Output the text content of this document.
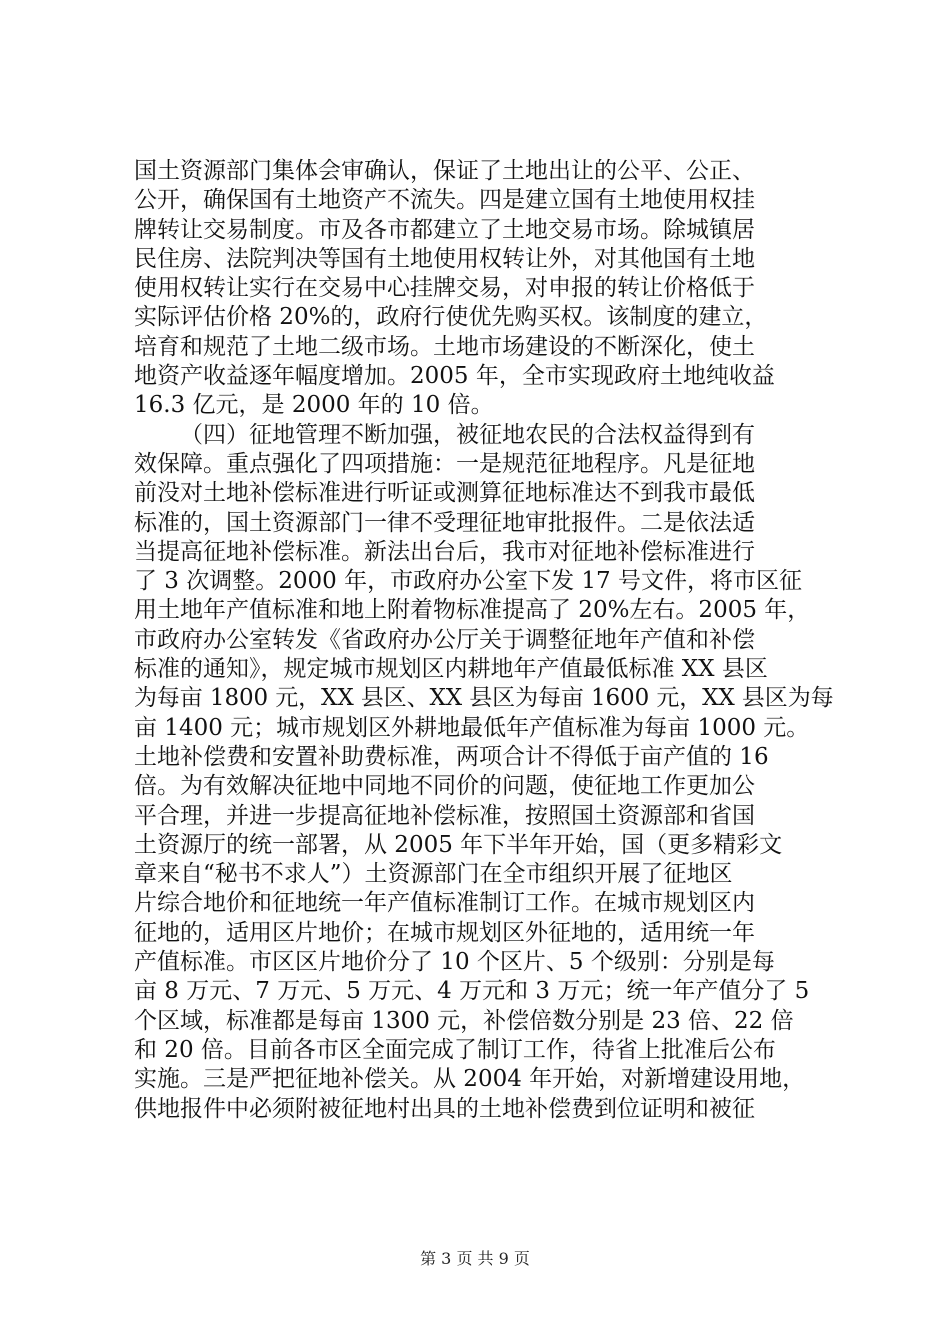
国土资源部门集体会审确认，保证了土地出让的公平、公正、
公开，确保国有土地资产不流失。四是建立国有土地使用权挂
牌转让交易制度。市及各市都建立了土地交易市场。除城镇居
民住房、法院判决等国有土地使用权转让外，对其他国有土地
使用权转让实行在交易中心挂牌交易，对申报的转让价格低于
实际评估价格 20%的，政府行使优先购买权。该制度的建立，
培育和规范了土地二级市场。土地市场建设的不断深化，使土
地资产收益逐年幅度增加。2005 年，全市实现政府土地纯收益
16.3 亿元，是 2000 年的 10 倍。
（四）征地管理不断加强，被征地农民的合法权益得到有
效保障。重点强化了四项措施：一是规范征地程序。凡是征地
前没对土地补偿标准进行听证或测算征地标准达不到我市最低
标准的，国土资源部门一律不受理征地审批报件。二是依法适
当提高征地补偿标准。新法出台后，我市对征地补偿标准进行
了 3 次调整。2000 年，市政府办公室下发 17 号文件，将市区征
用土地年产值标准和地上附着物标准提高了 20%左右。2005 年，
市政府办公室转发《省政府办公厅关于调整征地年产值和补偿
标准的通知》，规定城市规划区内耕地年产值最低标准 XX 县区
为每亩 1800 元，XX 县区、XX 县区为每亩 1600 元，XX 县区为每
亩 1400 元；城市规划区外耕地最低年产值标准为每亩 1000 元。
土地补偿费和安置补助费标准，两项合计不得低于亩产值的 16
倍。为有效解决征地中同地不同价的问题，使征地工作更加公
平合理，并进一步提高征地补偿标准，按照国土资源部和省国
土资源厅的统一部署，从 2005 年下半年开始，国（更多精彩文
章来自“秘书不求人”）土资源部门在全市组织开展了征地区
片综合地价和征地统一年产值标准制订工作。在城市规划区内
征地的，适用区片地价；在城市规划区外征地的，适用统一年
产值标准。市区区片地价分了 10 个区片、5 个级别：分别是每
亩 8 万元、7 万元、5 万元、4 万元和 3 万元；统一年产值分了 5
个区域，标准都是每亩 1300 元，补偿倍数分别是 23 倍、22 倍
和 20 倍。目前各市区全面完成了制订工作，待省上批准后公布
实施。三是严把征地补偿关。从 2004 年开始，对新增建设用地，
供地报件中必须附被征地村出具的土地补偿费到位证明和被征
第 3 页 共 9 页
